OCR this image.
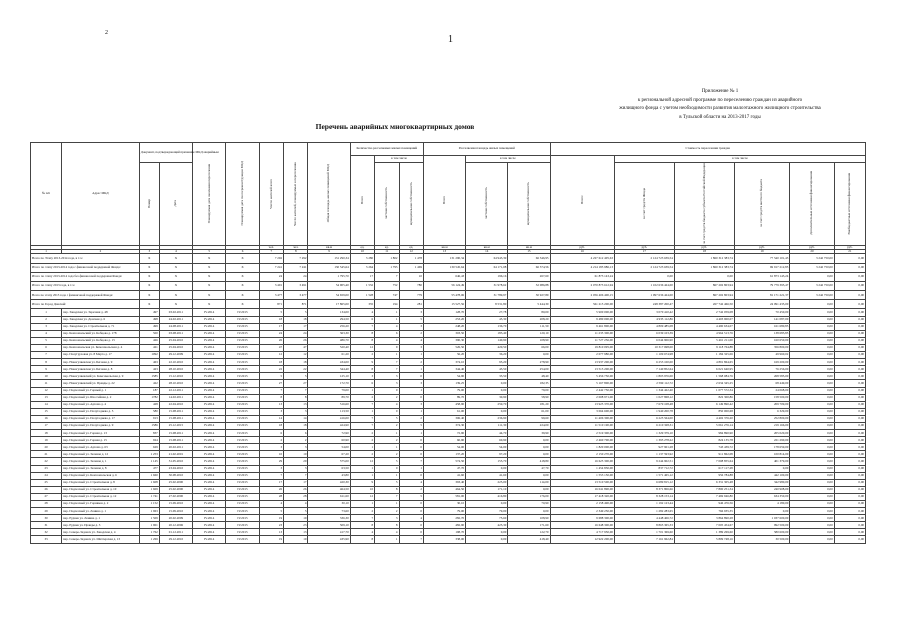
2
1
Приложение № 1
к региональной адресной программе по переселению граждан из аварийного
жилищного фонда с учетом необходимости развития малоэтажного жилищного строительства
в Тульской области на 2013-2017 годы
Перечень аварийных многоквартирных домов
№ п/п	Адрес МКД	Документ, подтверждающий признание МКД аварийным		Планируемая дата окончания переселения	Планируемая дата сноса/реконструкции МКД	Число жителей всего	Число жителей, планируемых к переселению	Общая площадь жилых помещений МКД	Количество расселяемых жилых помещений			Расселяемая площадь жилых помещений			Стоимость переселения граждан					
									Всего	в том числе		Всего	в том числе		Всего:	в том числе				
		Номер	Дата							частная собственность	муниципальная собственность		частная собственность	муниципальная собственность		за счет средств Фонда	за счет средств бюджета субъекта Российской Федерации	за счет средств местного бюджета	Дополнительные источники финансирования	Внебюджетные источники финансирования
						чел.	чел.	кв.м	ед.	ед.	ед.	кв.м	кв.м	кв.м	руб.	руб.	руб.	руб.	руб.	руб.
1	2	3	4	5	6	7	8	9	10	11	12	13	14	15	16	17	18	19	20	21
Всего по Этапу 2013-2014 года, в т.ч.:		X	X	X	X	7 292	7 292	131 290,34	3 280	1 802	1 478	131 290,34	64 943,39	66 346,95	4 227 612 405,63	2 124 723 639,54	1 860 312 383,74	77 540 101,43	3 242 750,00	0,00
Итого по этапу 2013-2014 года с финансовой поддержкой Фонда:		X	X	X	X	7 241	7 241	130 545,64	3 264	1 795	1 469	130 545,64	64 171,08	66 374,56	4 214 185 986,13	2 124 723 639,54	1 860 312 383,74	69 917 212,85	3 242 750,00	0,00
Итого по этапу 2013-2014 года без финансовой поддержки Фонда:		X	X	X	X	24	24	1 795,70	17	7	10	646,43	196,16	267,60	61 873 143,24	0,00	0,00	61 873 143,24	0,00	0,00
Итого по этапу 2013 года, в т.ч.:		X	X	X	X	3 491	3 491	54 905,40	1 532	752	780	56 124,49	31 978,62	32 086,88	2 070 873 612,94	1 102 636 424,00	867 202 803,94	79 779 395,47	3 242 750,00	0,00
Всего по этапу 2013 года с финансовой поддержкой Фонда:		X	X	X	X	3 477	3 477	54 659,00	1 528	747	779	55 478,06	31 789,97	30 927,89	2 056 406 400,15	1 097 636 424,00	867 202 803,94	81 171 221,37	3 242 750,00	0,00
Итого по Город Донской:		X	X	X	X	871	871	17 865,00	335	194	281	15 527,56	8 531,80	5 444,30	561 215 200,00	248 387 200,47	267 742 466,50	24 091 435,00	0,00	0,00
1	пер. Заводская ул. Заречная д. 48	497	03.02.2011	IV.2014	IV.2015	5	5	134,00	4	1	3	128,70	27,78	80,00	5 900 000,00	3 070 410,42	2 742 059,08	70 450,00	0,00	0,00
2	пер. Заводская ул. Донская д. 6	498	24.02.2011	IV.2014	IV.2015	18	18	294,50	6	1	5	253,20	45,30	208,20	9 480 000,00	4 935 112,86	4 403 900,07	141 087,00	0,00	0,00
3	пер. Заводская ул. Строительная д. 71	499	24.08.2011	IV.2014	IV.2015	17	17	256,20	7	4	3	248,20	136,70	111,50	9 461 800,00	4 809 485,08	4 490 634,07	161 680,85	0,00	0,00
4	пер. Комсомольский ул. Кобцова д. 178	500	03.08.2011	IV.2014	IV.2015	24	24	363,30	8	6	2	303,50	183,40	120,10	11 235 300,00	6 039 103,39	4 964 513,76	138 683,85	0,00	0,00
5	пер. Комсомольский ул. Кобцова д. 15	426	25.04.2010	IV.2014	IV.2015	26	26	486,70	8	4	4	390,30	140,90	108,90	11 727 256,00	6 044 906,90	5 461 211,00	160 650,00	0,00	0,00
6	пер. Комсомольская ул. Комсомольская д. 4	421	25.04.2010	IV.2014	IV.2015	47	47	520,40	12	9	3	526,50	420,50	66,00	19 810 095,00	10 317 698,00	9 118 764,88	356 800,00	0,00	0,00
7	пер. Полугрузовая ул. 8 Марта д. 17	1092	29.12.2009	IV.2014	IV.2015	12	12	61,20	2	1	1	56,20	36,20	0,00	2 077 980,00	1 109 674,98	1 184 325,06	49 960,02	0,00	0,00
8	пер. Новогуляевская ул. Беговая д. 9	463	22.10.2010	IV.2014	IV.2015	18	18	434,00	9	7	2	374,10	95,20	278,90	13 937 200,00	6 253 100,00	4 891 864,65	169 200,00	0,00	0,00
9	пер. Новогуляевская ул. Беговая д. 8	423	28.10.2010	IV.2014	IV.2015	22	22	344,40	8	7	1	344,40	43,50	254,00	13 515 200,00	7 140 852,64	6 021 640,95	76 256,00	0,00	0,00
10	пер. Новогуляевский ул. Комсомольская д. 9	1585	15.12.2010	IV.2014	IV.2015	5	5	125,10	3	3	0	54,90	33,50	48,40	5 456 750,00	1 803 976,00	1 568 084,76	268 585,00	0,00	0,00
11	пер. Новогуляевский ул. Правды д. 22	422	28.10.2010	IV.2014	IV.2015	27	27	172,70	6	3	3	139,25	0,00	182,35	5 167 800,00	2 599 112,72	2 634 345,25	68 449,00	0,00	0,00
12	пер. Подлесный ул. Горный д. 1	187	22.12.2011	IV.2014	IV.2015	7	7	79,00	1	0	1	79,00	0,00	79,00	2 442 750,00	1 344 422,40	1 077 572,34	24 068,00	0,00	0,00
13	пер. Подлесный ул. Шоссейная д. 2	1782	14.02.2011	IV.2014	IV.2015	8	8	89,70	2	2	0	89,70	30,90	58,90	2 008 971,00	1 027 868,12	822 300,86	158 500,00	0,00	0,00
14	пер. Подлесный ул. Артема д. 4	428	22.04.2010	IV.2014	IV.2015	13	13	516,60	7	4	3	458,90	259,70	181,20	13 925 370,00	7 679 108,48	6 149 890,42	209 709,00	0,00	0,00
15	пер. Подлесный ул. Полугоднева д. 5	580	15.08.2011	IV.2014	IV.2015	3	3	113,50	1	0	1	61,00	0,00	61,00	3 064 600,00	1 940 200,78	850 000,68	6 329,00	0,00	0,00
16	пер. Подлесный ул. Полугоднева д. 17	913	15.08.2011	IV.2014	IV.2015	14	14	416,00	7	5	2	306,40	236,90	99,60	11 406 300,00	6 225 564,00	4 402 376,20	252 800,00	0,00	0,00
17	пер. Подлесный ул. Полугоднева д. 9	1586	25.12.2015	IV.2014	IV.2015	18	18	424,90	7	2	5	374,30	111,30	224,00	11 510 190,00	6 210 328,31	5 061 276,14	219 166,00	0,00	0,00
18	пер. Подлесный ул. Горная д. 13	837	15.08.2011	IV.2014	IV.2015	6	6	72,90	2	1	1	72,90	44,70	39,90	2 519 300,00	1 329 379,10	984 890,90	205 020,00	0,00	0,00
19	пер. Подлесный ул. Горная д. 15	924	15.08.2011	IV.2014	IV.2015	2	2	60,90	2	2	0	60,90	60,90	0,00	2 460 700,00	1 395 278,22	824 135,78	221 290,00	0,00	0,00
20	пер. Подлесный ул. Артема д. 63	629	20.02.2011	IV.2014	IV.2015	3	3	54,00	1	1	0	54,00	54,00	0,00	1 820 000,00	927 901,28	743 439,72	178 659,00	0,00	0,00
21	пер. Подлесный ул. Зеленая д. 12	1 253	21.02.2001	IV.2014	IV.2015	10	10	67,20	2	2	0	137,20	97,20	0,00	2 150 270,00	1 137 593,92	911 862,08	100 814,00	0,00	0,00
22	пер. Подлесный ул. Зеленая д. 1	1 145	31.05.2010	IV.2014	IV.2015	29	29	575,00	12	5	7	574,50	155,70	418,80	16 625 300,00	9 244 902,51	7 008 855,64	401 379,00	0,00	0,00
23	пер. Подлесный ул. Зеленая д. 8	477	23.04.2010	IV.2014	IV.2015	3	3	63,50	1	0	1	47,70	0,00	47,70	1 454 830,00	837 712,72	617 117,28	0,00	0,00	0,00
24	пер. Подлесный ул. Комсомольская д. 6	1 660	30.08.2010	IV.2014	IV.2015	7	7	43,80	1	1	0	41,60	41,60	0,00	1 553 150,00	1 571 465,12	956 784,88	442 100,00	0,00	0,00
25	пер. Подлесный ул. Строительная д. 8	1 608	25.02.2000	IV.2014	IV.2015	17	17	420,30	9	5	4	393,40	225,00	114,00	13 510 500,00	6 689 815,12	6 331 305,48	342 980,00	0,00	0,00
26	пер. Подлесный ул. Строительная д. 10	1 609	25.02.2000	IV.2014	IV.2015	26	26	464,50	10	8	2	464,50	171,10	0,00	16 041 890,00	8 371 806,66	7 800 251,34	240 908,00	0,00	0,00
27	пер. Подлесный ул. Строительная д. 12	1 741	27.02.2000	IV.2014	IV.2015	28	28	611,60	12	7	5	581,00	416,80	176,00	17 418 320,00	8 328 153,14	7 469 946,80	634 350,00	0,00	0,00
28	пер. Подлесный ул. Горняков д. 2	1 152	15.09.2010	IV.2014	IV.2015	4	4	30,10	1	1	0	30,10	0,00	70,90	2 158 490,00	1 192 123,44	946 476,56	4 180,00	0,00	0,00
29	пер. Подлесный ул. Ленина д. 1	1 963	15.09.2010	IV.2014	IV.2015	5	5	73,60	2	2	0	79,00	79,00	0,00	2 349 250,00	1 282 283,65	766 935,35	0,00	0,00	0,00
30	пер. Руднев ул. Ленина д. 1	1 509	20.02.2009	IV.2014	IV.2015	19	19	336,30	7	3	4	282,70	75,60	108,90	9 688 300,00	4 448 406,72	3 864 890,28	1 037 600,00	0,00	0,00
31	пер. Руднев ул. Правды д. 3	1 901	20.12.2006	IV.2014	IV.2015	23	23	509,10	8	8	0	482,90	425,30	171,60	16 648 300,00	8 865 365,33	7 005 454,67	992 500,00	0,00	0,00
32	пер. Северо-Задонск ул. Заводская д. 4	1 762	01.12.2011	IV.2014	IV.2015	13	13	417,70	4	4	0	198,70	0,00	122,70	4 717 950,00	1 701 369,60	1 389 269,60	580 600,00	0,00	0,00
33	пер. Северо-Задонск ул. Шахтерская д. 13	1 269	29.12.2010	IV.2014	IV.2015	19	19	435,90	8	1	7	338,00	0,00	418,40	12 922 200,00	7 161 962,84	5 809 748,16	30 500,00	0,00	0,00
